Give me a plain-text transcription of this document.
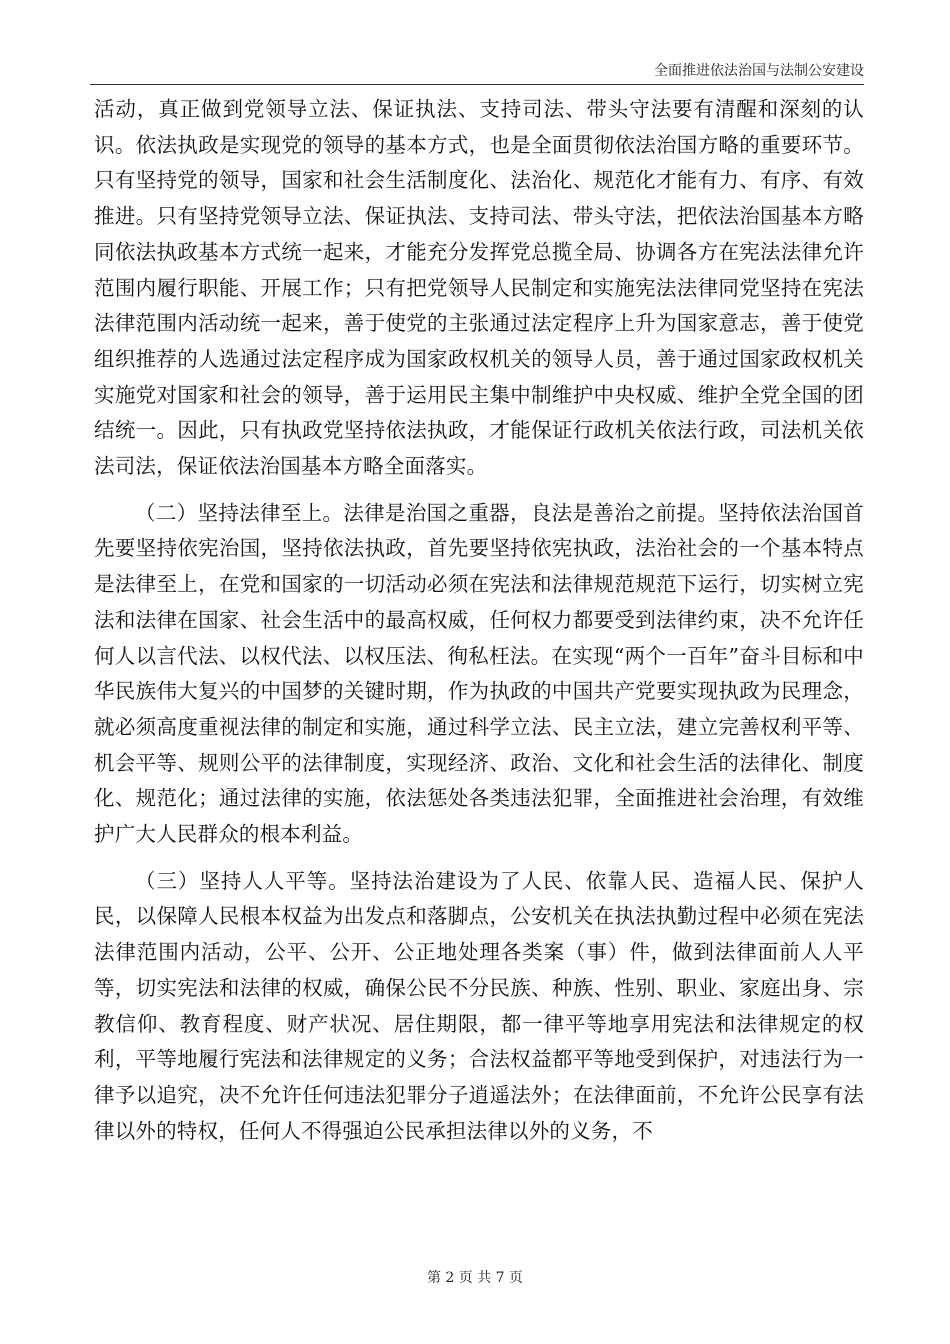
全面推进依法治国与法制公安建设

活动，真正做到党领导立法、保证执法、支持司法、带头守法要有清醒和深刻的认识。依法执政是实现党的领导的基本方式，也是全面贯彻依法治国方略的重要环节。只有坚持党的领导，国家和社会生活制度化、法治化、规范化才能有力、有序、有效推进。只有坚持党领导立法、保证执法、支持司法、带头守法，把依法治国基本方略同依法执政基本方式统一起来，才能充分发挥党总揽全局、协调各方在宪法法律允许范围内履行职能、开展工作；只有把党领导人民制定和实施宪法法律同党坚持在宪法法律范围内活动统一起来，善于使党的主张通过法定程序上升为国家意志，善于使党组织推荐的人选通过法定程序成为国家政权机关的领导人员，善于通过国家政权机关实施党对国家和社会的领导，善于运用民主集中制维护中央权威、维护全党全国的团结统一。因此，只有执政党坚持依法执政，才能保证行政机关依法行政，司法机关依法司法，保证依法治国基本方略全面落实。

（二）坚持法律至上。法律是治国之重器，良法是善治之前提。坚持依法治国首先要坚持依宪治国，坚持依法执政，首先要坚持依宪执政，法治社会的一个基本特点是法律至上，在党和国家的一切活动必须在宪法和法律规范规范下运行，切实树立宪法和法律在国家、社会生活中的最高权威，任何权力都要受到法律约束，决不允许任何人以言代法、以权代法、以权压法、徇私枉法。在实现“两个一百年”奋斗目标和中华民族伟大复兴的中国梦的关键时期，作为执政的中国共产党要实现执政为民理念，就必须高度重视法律的制定和实施，通过科学立法、民主立法，建立完善权利平等、机会平等、规则公平的法律制度，实现经济、政治、文化和社会生活的法律化、制度化、规范化；通过法律的实施，依法惩处各类违法犯罪，全面推进社会治理，有效维护广大人民群众的根本利益。

（三）坚持人人平等。坚持法治建设为了人民、依靠人民、造福人民、保护人民，以保障人民根本权益为出发点和落脚点，公安机关在执法执勤过程中必须在宪法法律范围内活动，公平、公开、公正地处理各类案（事）件，做到法律面前人人平等，切实宪法和法律的权威，确保公民不分民族、种族、性别、职业、家庭出身、宗教信仰、教育程度、财产状况、居住期限，都一律平等地享用宪法和法律规定的权利，平等地履行宪法和法律规定的义务；合法权益都平等地受到保护，对违法行为一律予以追究，决不允许任何违法犯罪分子逍遥法外；在法律面前，不允许公民享有法律以外的特权，任何人不得强迫公民承担法律以外的义务，不

第 2 页 共 7 页
